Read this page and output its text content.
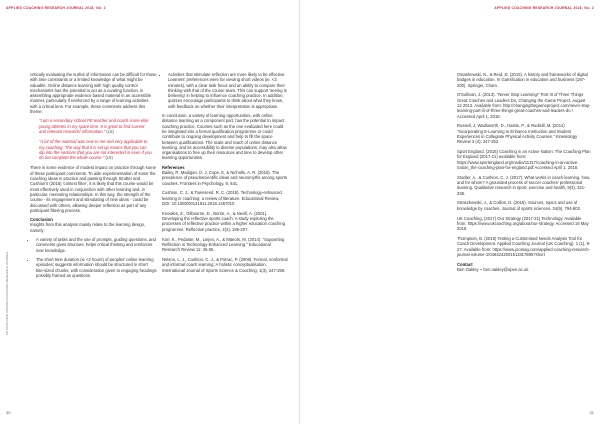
APPLIED COACHING RESEARCH JOURNAL 2018, Vol. 2	APPLIED COACHING RESEARCH JOURNAL 2018, Vol. 2
UK COACHING APPLIED COACHING RESEARCH JOURNAL

critically evaluating the surfeit of information can be difficult for those with time constraints or a limited knowledge of what might be valuable. Online distance learning with high quality control mechanisms has the potential to act as a curating function, in assembling appropriate evidence based material in an accessible manner, particularly if reinforced by a range of learning activities with a critical lens. For example, these comments address this theme:

"I am a secondary school PE teacher and coach some elite young athletes in my spare time. It is great to find current and relevant research/ information." (L8)

"A lot of the material was new to me and very applicable to my coaching. The way that it is set up means that you can dip into the sections that you are not interested in even if you do not complete the whole course." (L9)

There is some evidence of modest impact on practice through some of these participant comments. To aide experimentation of some the coaching ideas in practice and passing through Stodter and Cushion's (2016) 'context filter', it is likely that this course would be most effectively used in conjunction with other learning and, in particular, mentoring relationships. In this way, the strength of the course - its engagement and stimulating of new ideas - could be discussed with others, allowing deeper reflection as part of any participant filtering process.

Conclusion

Insights from this analysis mainly relate to the learning design, namely:

• A variety of tasks and the use of prompts, guiding questions, and comments gives structure, helps critical thinking and reinforces new knowledge.
• The short time duration (ie <2 hours) of peoples' online learning episodes; suggests information should be structured in short bite-sized chunks, with consideration given to engaging headings possibly framed as questions.
• Activities that stimulate reflection are more likely to be effective. Learners' preferences were for viewing short videos (ie. <3 minutes), with a clear task focus and an ability to compare their thinking with that of the course team. This can support 'seeing is believing' in helping to influence coaching practice. In addition, quizzes encourage participants to think about what they know, with feedback on whether their interpretation is appropriate.

In conclusion, a variety of learning opportunities, with online distance learning as a component part, has the potential to impact coaching practice. Courses such as the one evaluated here could be integrated into a formal qualification programme or could contribute to ongoing development and help to fill the space between qualifications. The scale and reach of online distance learning, and its accessibility to diverse populations, may also allow organisations to free up their resources and time to develop other learning opportunities.

References

Bailey, R, Madigan, D. J, Cope, E, & Nicholls, A. R. (2018). The prevalence of pseudoscientific ideas and neuromyths among sports coaches. Frontiers in Psychology, 9, 641.

Cushion, C. J., & Townsend, R. C. (2018). Technology-enhanced learning in coaching: a review of literature. Educational Review, DOI: 10.1080/00131911.2018.1457010

Knowles, Z., Gilbourne, D., Borrie, A., & Nevill, A. (2001). Developing the reflective sports coach: A study exploring the processes of reflective practice within a higher education coaching programme. Reflective practice, 2(2), 185-207.

Kori, K., Pedaste, M., Leijen, A., & Mäeots, M. (2014). "Supporting Reflection in Technology-Enhanced Learning." Educational Research Review 11: 45-55.

Nelson, L. J., Cushion, C. J., & Potrac, P. (2006). Formal, nonformal and informal coach learning: A holistic conceptualisation. International Journal of Sports Science & Coaching, 1(3), 247-259.

Ostashewski, N., & Reid, D. (2015). A history and frameworks of digital badges in education. In Gamification in education and business (187-200). Springer, Cham.

O'Sullivan, J. (2013). "Never Stop Learning!" Part III of Three Things Great Coaches and Leaders Do, Changing the Game Project. August 12 2013. Available from: http://changingthegameproject.com/never-stop-learning-part-iii-of-three-things-great-coaches-and-leaders-do / Accessed April 1, 2018.

Russell, J, Wadsworth, D., Hastie, P., & Rudisill, M. (2014) "Incorporating E-Learning to Enhance Instruction and Student Experiences in Collegiate Physical Activity Courses." Kinesiology Review 3 (4): 247-252.

Sport England. (2016) Coaching in an Active Nation: The Coaching Plan for England (2017-21) available from: https://www.sportengland.org/media/11317/coaching-in-an-active-nation_the-coaching-plan-for-england.pdf Accessed April 1, 2018.

Stodter, A., & Cushion, C. J. (2017). What works in coach learning, how, and for whom? A grounded process of soccer coaches' professional learning. Qualitative research in sport, exercise and health, 9(3), 321-338.

Straszkowski, J., & Collins, D. (2016). Sources, topics and use of knowledge by coaches. Journal of sports sciences, 34(9), 794-802.

UK Coaching, (2017) Our Strategy (2017-21) Technology. Available from: https://www.ukcoaching.org/about/our-strategy. Accessed 18 May 2018.

Thompson, B. (2018) Testing a Customised Needs Analysis Tool for Coach Development. Applied Coaching Journal (UK Coaching). 1 (1), 9-27. Available from: https://www.joomag.com/applied-coaching-research-journal-volume-1/0484242001511817895?short

Contact

Ben Oakley ~ ben.oakley@open.ac.uk

30	31
